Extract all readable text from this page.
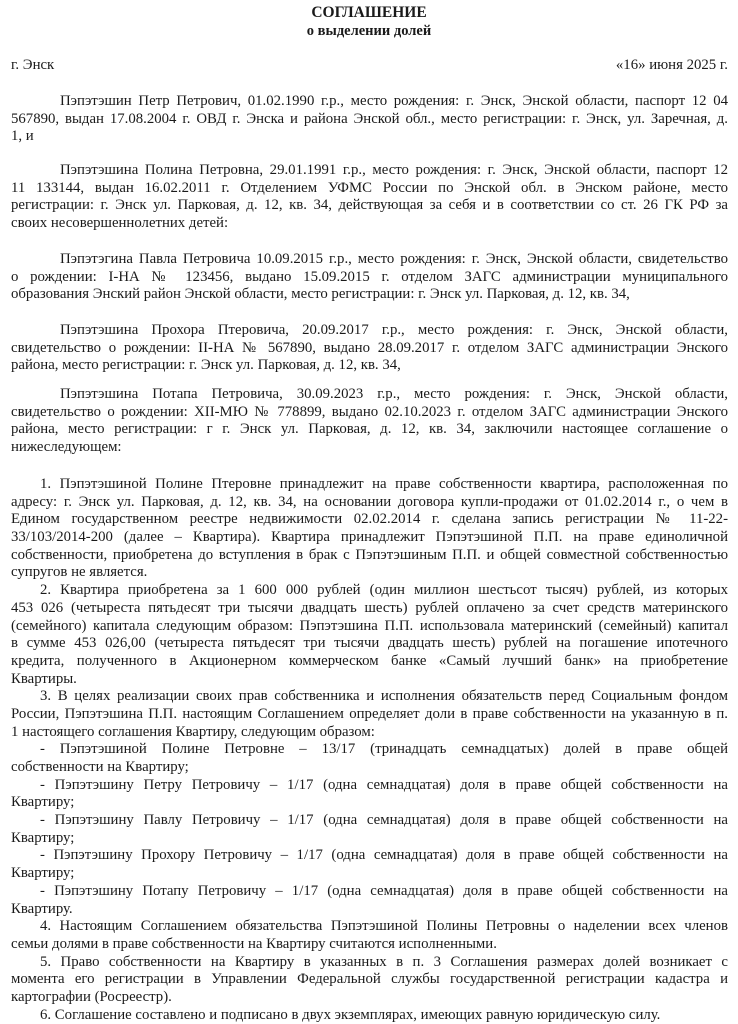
СОГЛАШЕНИЕ
о выделении долей
г. Энск	«16» июня 2025 г.
Пэпэтэшин Петр Петрович, 01.02.1990 г.р., место рождения: г. Энск, Энской области, паспорт 12 04
567890, выдан 17.08.2004 г. ОВД г. Энска и района Энской обл., место регистрации: г. Энск, ул. Заречная, д.
1, и
Пэпэтэшина Полина Петровна, 29.01.1991 г.р., место рождения: г. Энск, Энской области, паспорт 12
11 133144, выдан 16.02.2011 г. Отделением УФМС России по Энской обл. в Энском районе, место
регистрации: г. Энск ул. Парковая, д. 12, кв. 34, действующая за себя и в соответствии со ст. 26 ГК РФ за
своих несовершеннолетних детей:
Пэпэтэгина Павла Петровича 10.09.2015 г.р., место рождения: г. Энск, Энской области, свидетельство
о рождении: I-НА № 123456, выдано 15.09.2015 г. отделом ЗАГС администрации муниципального
образования Энский район Энской области, место регистрации: г. Энск ул. Парковая, д. 12, кв. 34,
Пэпэтэшина Прохора Птеровича, 20.09.2017 г.р., место рождения: г. Энск, Энской области,
свидетельство о рождении: II-НА № 567890, выдано 28.09.2017 г. отделом ЗАГС администрации Энского
района, место регистрации: г. Энск ул. Парковая, д. 12, кв. 34,
Пэпэтэшина Потапа Петровича, 30.09.2023 г.р., место рождения: г. Энск, Энской области,
свидетельство о рождении: XII-МЮ № 778899, выдано 02.10.2023 г. отделом ЗАГС администрации Энского
района, место регистрации: г г. Энск ул. Парковая, д. 12, кв. 34, заключили настоящее соглашение о
нижеследующем:
1. Пэпэтэшиной Полине Птеровне принадлежит на праве собственности квартира, расположенная по
адресу: г. Энск ул. Парковая, д. 12, кв. 34, на основании договора купли-продажи от 01.02.2014 г., о чем в
Едином государственном реестре недвижимости 02.02.2014 г. сделана запись регистрации № 11-22-
33/103/2014-200 (далее – Квартира). Квартира принадлежит Пэпэтэшиной П.П. на праве единоличной
собственности, приобретена до вступления в брак с Пэпэтэшиным П.П. и общей совместной собственностью
супругов не является.
2. Квартира приобретена за 1 600 000 рублей (один миллион шестьсот тысяч) рублей, из которых
453 026 (четыреста пятьдесят три тысячи двадцать шесть) рублей оплачено за счет средств материнского
(семейного) капитала следующим образом: Пэпэтэшина П.П. использовала материнский (семейный) капитал
в сумме 453 026,00 (четыреста пятьдесят три тысячи двадцать шесть) рублей на погашение ипотечного
кредита, полученного в Акционерном коммерческом банке «Самый лучший банк» на приобретение
Квартиры.
3. В целях реализации своих прав собственника и исполнения обязательств перед Социальным фондом
России, Пэпэтэшина П.П. настоящим Соглашением определяет доли в праве собственности на указанную в п.
1 настоящего соглашения Квартиру, следующим образом:
- Пэпэтэшиной Полине Петровне – 13/17 (тринадцать семнадцатых) долей в праве общей
собственности на Квартиру;
- Пэпэтэшину Петру Петровичу – 1/17 (одна семнадцатая) доля в праве общей собственности на
Квартиру;
- Пэпэтэшину Павлу Петровичу – 1/17 (одна семнадцатая) доля в праве общей собственности на
Квартиру;
- Пэпэтэшину Прохору Петровичу – 1/17 (одна семнадцатая) доля в праве общей собственности на
Квартиру;
- Пэпэтэшину Потапу Петровичу – 1/17 (одна семнадцатая) доля в праве общей собственности на
Квартиру.
4. Настоящим Соглашением обязательства Пэпэтэшиной Полины Петровны о наделении всех членов
семьи долями в праве собственности на Квартиру считаются исполненными.
5. Право собственности на Квартиру в указанных в п. 3 Соглашения размерах долей возникает с
момента его регистрации в Управлении Федеральной службы государственной регистрации кадастра и
картографии (Росреестр).
6. Соглашение составлено и подписано в двух экземплярах, имеющих равную юридическую силу.
